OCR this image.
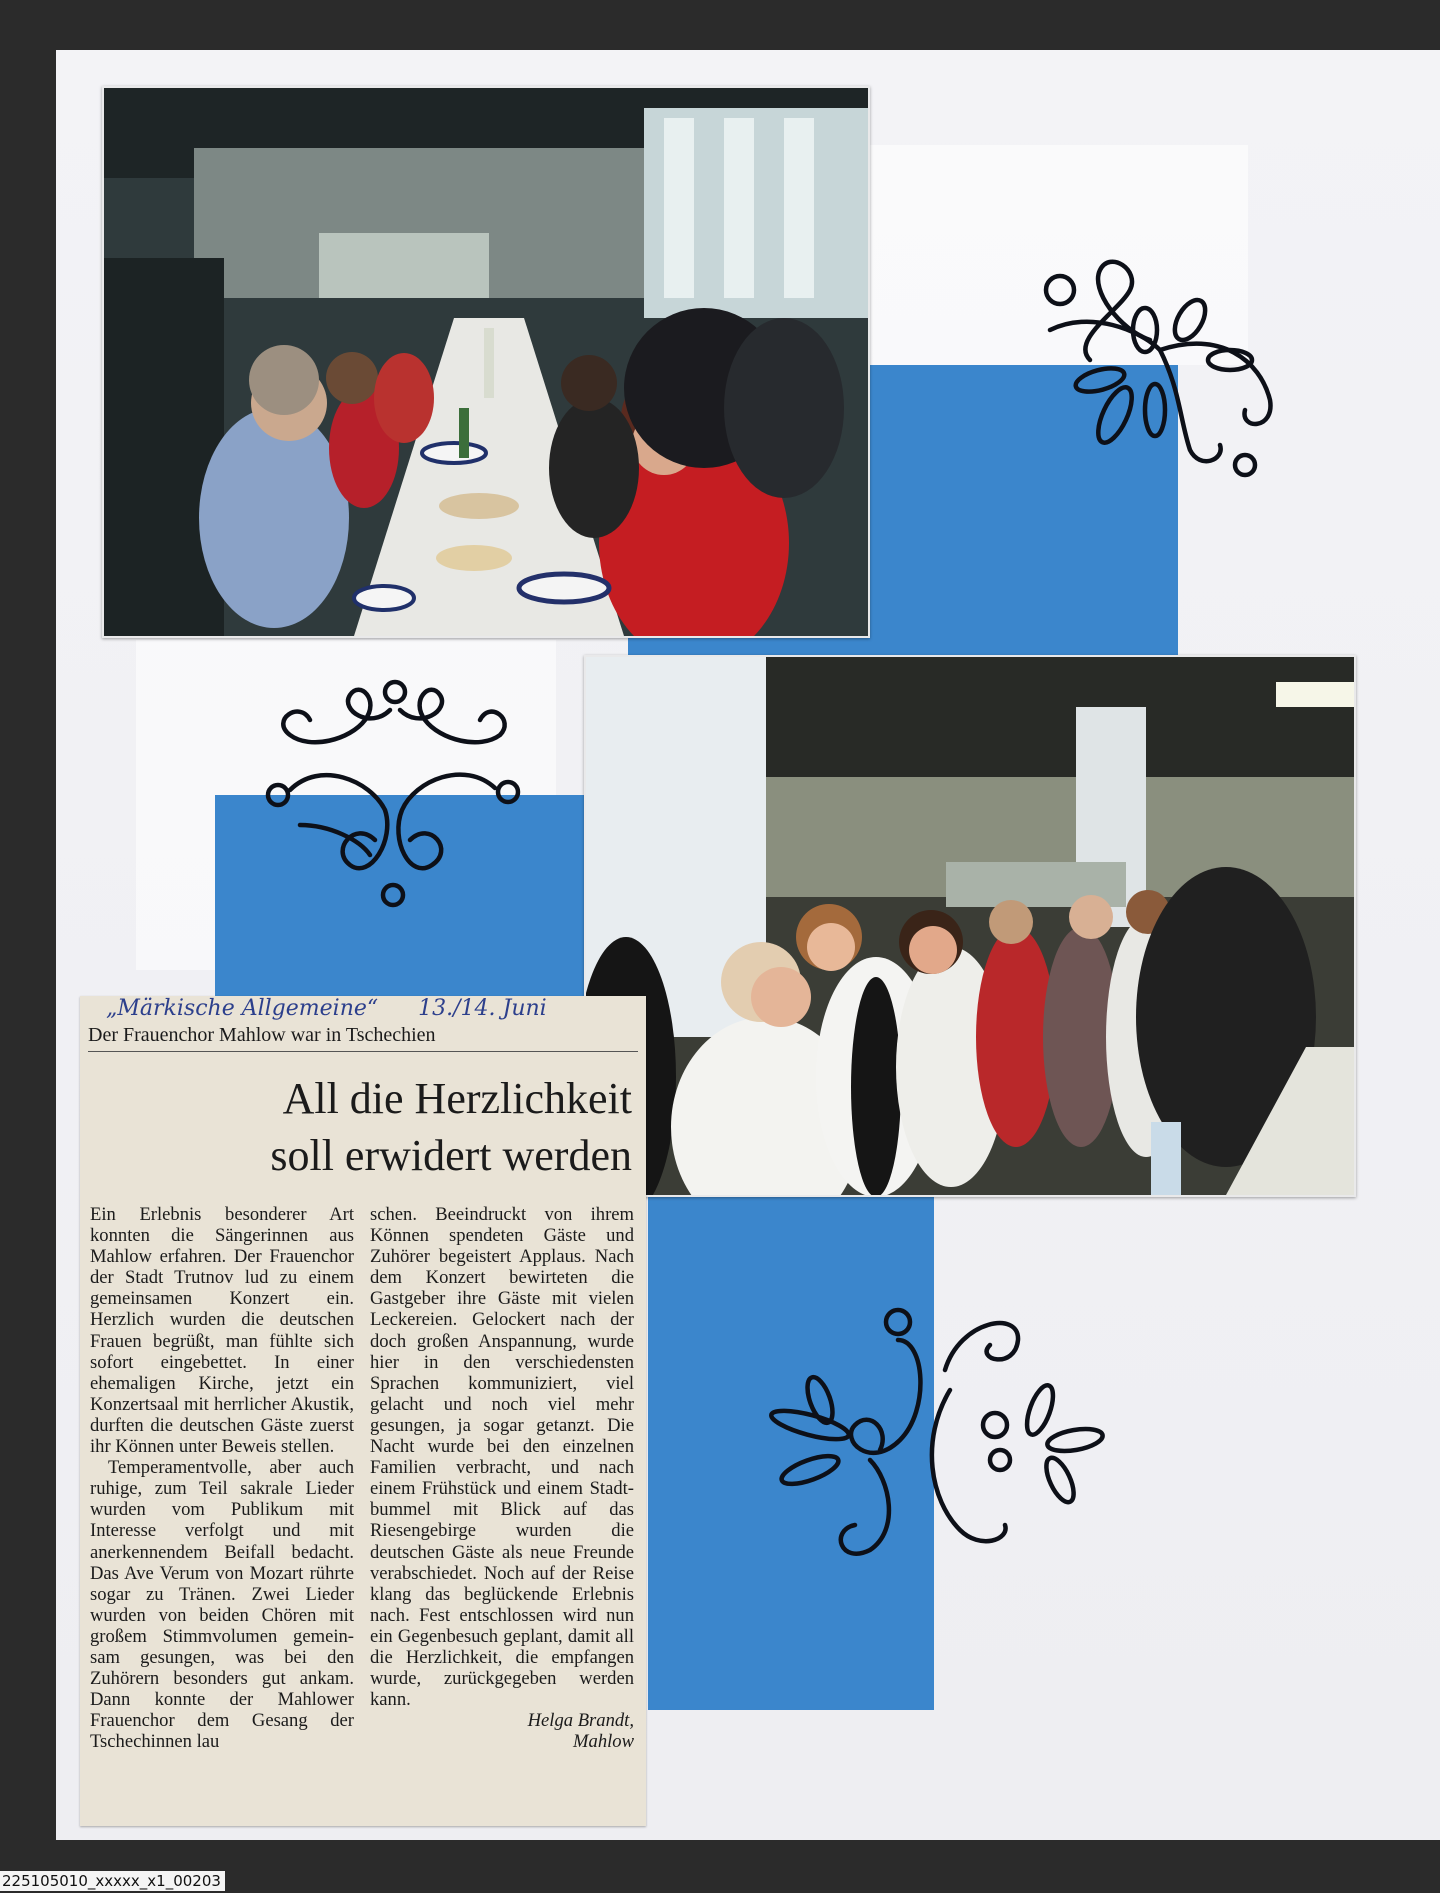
„Märkische Allgemeine“ 13./14. Juni
Der Frauenchor Mahlow war in Tschechien
All die Herzlichkeit
soll erwidert werden

Ein Erlebnis besonderer Art konnten die Sängerinnen aus Mahlow erfahren. Der Frauenchor der Stadt Trutnov lud zu einem gemeinsamen Konzert ein. Herzlich wurden die deutschen Frauen begrüßt, man fühlte sich sofort eingebettet. In einer ehemaligen Kirche, jetzt ein Konzertsaal mit herrlicher Akustik, durften die deutschen Gäste zuerst ihr Können unter Beweis stellen.

Temperamentvolle, aber auch ruhige, zum Teil sakrale Lieder wurden vom Publikum mit Interesse verfolgt und mit anerkennendem Beifall bedacht. Das Ave Verum von Mozart rührte sogar zu Tränen. Zwei Lieder wurden von beiden Chören mit großem Stimmvolumen gemeinsam gesungen, was bei den Zuhörern besonders gut ankam. Dann konnte der Mahlower Frauenchor dem Gesang der Tschechinnen lau

schen. Beeindruckt von ihrem Können spendeten Gäste und Zuhörer begeistert Applaus. Nach dem Konzert bewirteten die Gastgeber ihre Gäste mit vielen Leckereien. Gelockert nach der doch großen Anspannung, wurde hier in den verschiedensten Sprachen kommuniziert, viel gelacht und noch viel mehr gesungen, ja sogar getanzt. Die Nacht wurde bei den einzelnen Familien verbracht, und nach einem Frühstück und einem Stadtbummel mit Blick auf das Riesengebirge wurden die deutschen Gäste als neue Freunde verabschiedet. Noch auf der Reise klang das beglückende Erlebnis nach. Fest entschlossen wird nun ein Gegenbesuch geplant, damit all die Herzlichkeit, die empfangen wurde, zurückgegeben werden kann.

Helga Brandt,
Mahlow
225105010_xxxxx_x1_00203
